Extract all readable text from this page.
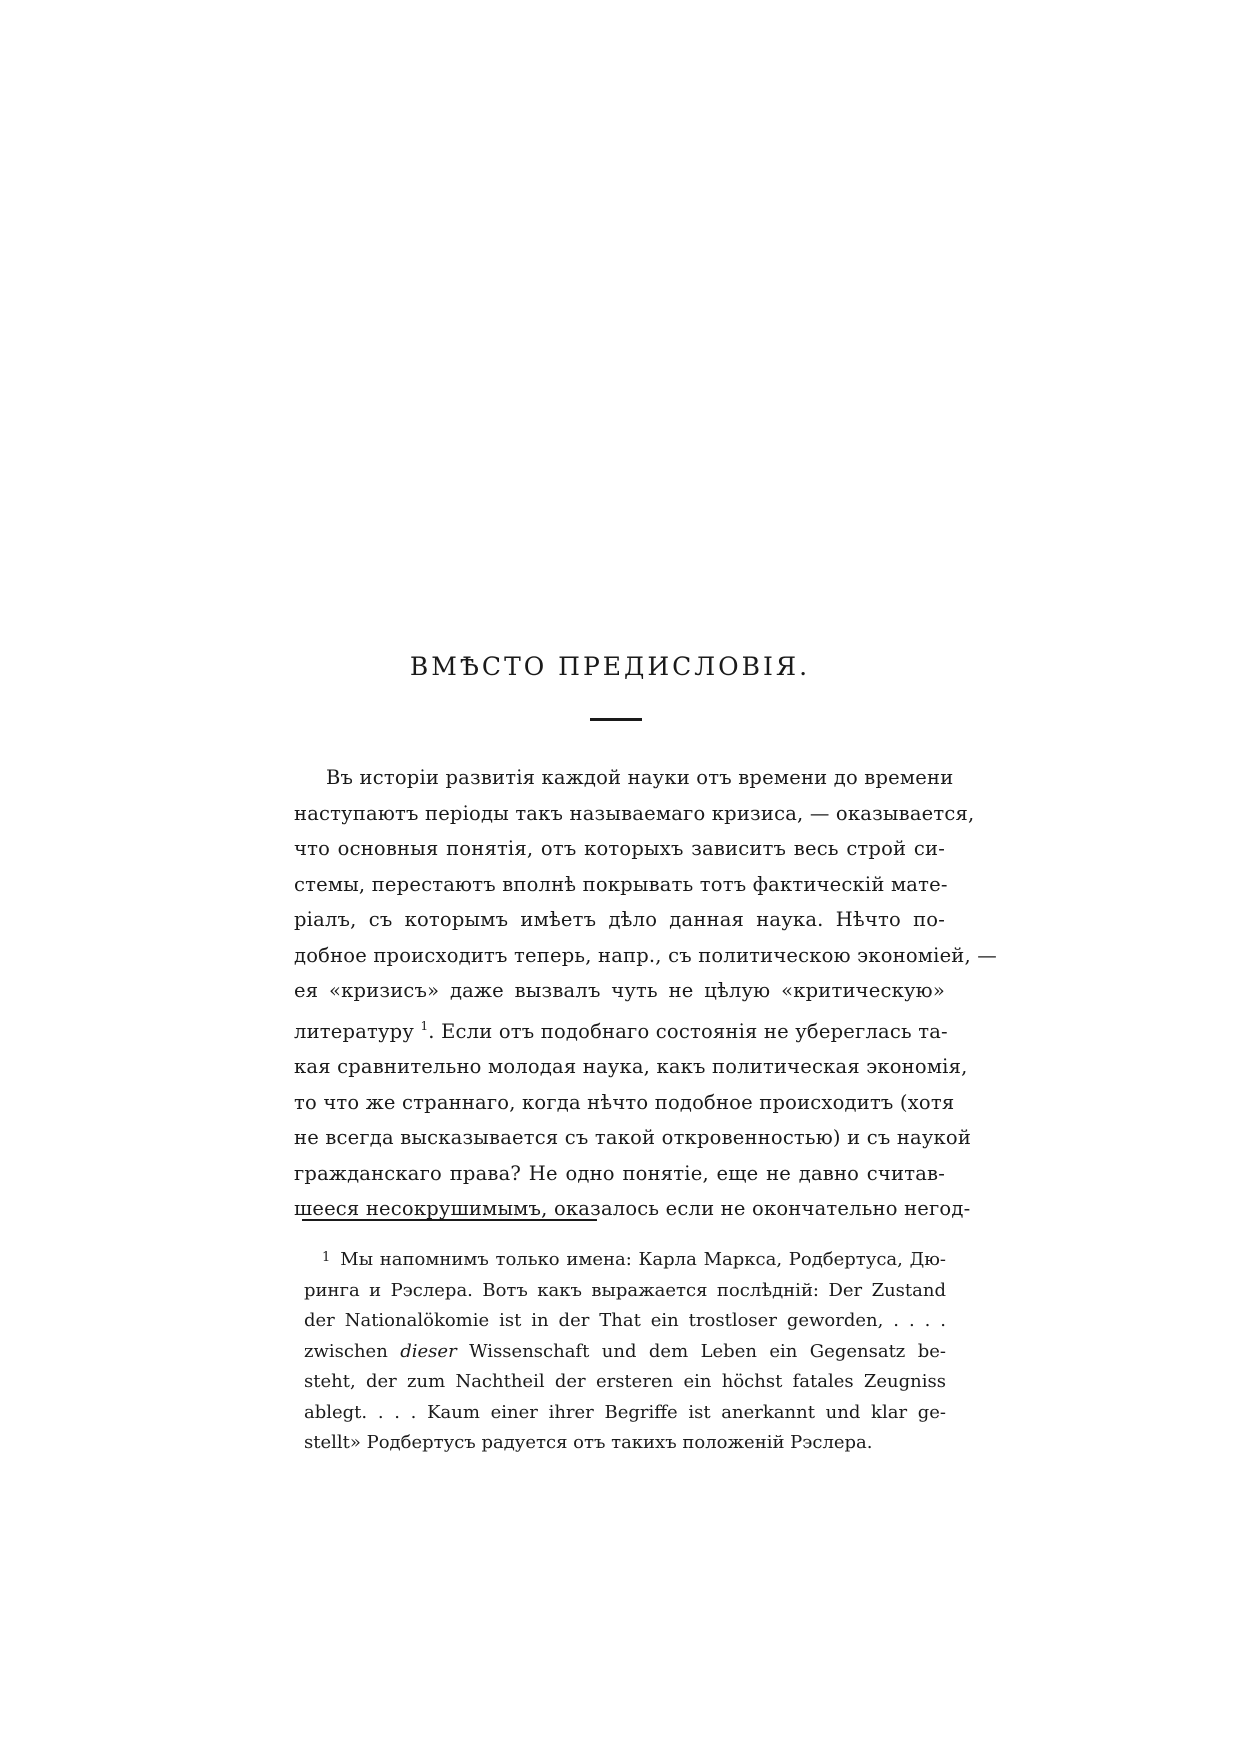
ВМѢСТО ПРЕДИСЛОВІЯ.
Въ исторіи развитія каждой науки отъ времени до времени
наступаютъ періоды такъ называемаго кризиса, — оказывается,
что основныя понятія, отъ которыхъ зависитъ весь строй си-
стемы, перестаютъ вполнѣ покрывать тотъ фактическій мате-
ріалъ, съ которымъ имѣетъ дѣло данная наука. Нѣчто по-
добное происходитъ теперь, напр., съ политическою экономіей, —
ея «кризисъ» даже вызвалъ чуть не цѣлую «критическую»
литературу $^1$. Если отъ подобнаго состоянія не убереглась та-
кая сравнительно молодая наука, какъ политическая экономія,
то что же страннаго, когда нѣчто подобное происходитъ (хотя
не всегда высказывается съ такой откровенностью) и съ наукой
гражданскаго права? Не одно понятіе, еще не давно считав-
шееся несокрушимымъ, оказалось если не окончательно негод-
$^1$ Мы напомнимъ только имена: Карла Маркса, Родбертуса, Дю-
ринга и Рэслера. Вотъ какъ выражается послѣдній: Der Zustand
der Nationalökomie ist in der That ein trostloser geworden, . . . .
zwischen dieser Wissenschaft und dem Leben ein Gegensatz be-
steht, der zum Nachtheil der ersteren ein höchst fatales Zeugniss
ablegt. . . . Kaum einer ihrer Begriffe ist anerkannt und klar ge-
stellt» Родбертусъ радуется отъ такихъ положеній Рэслера.
